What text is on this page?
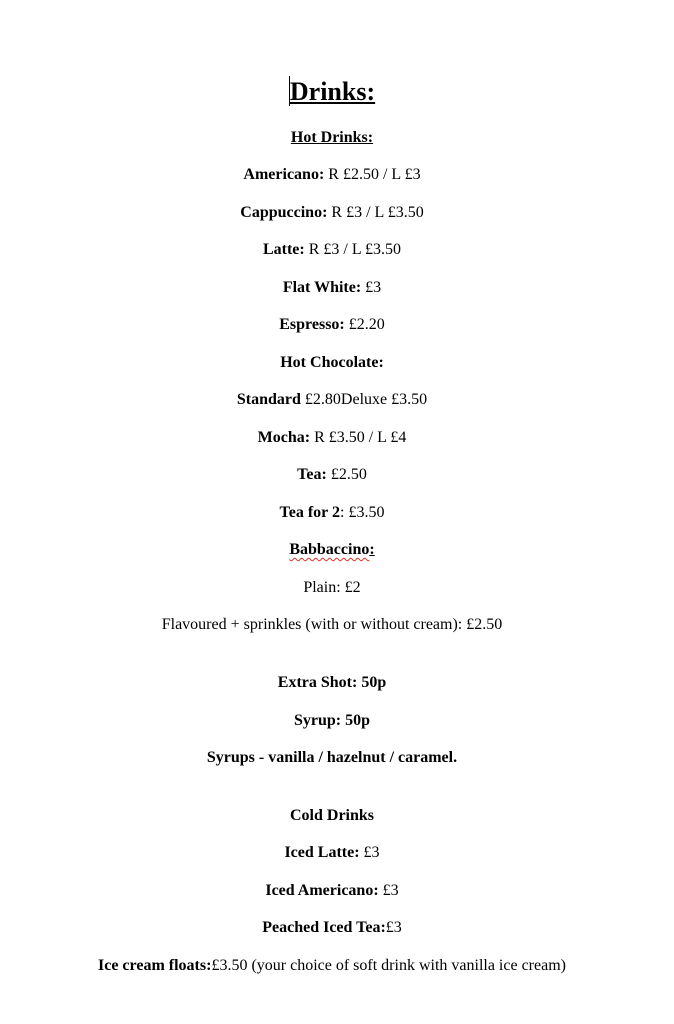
Drinks:
Hot Drinks:
Americano: R £2.50 / L £3
Cappuccino: R £3 / L £3.50
Latte: R £3 / L £3.50
Flat White: £3
Espresso: £2.20
Hot Chocolate:
Standard £2.80Deluxe £3.50
Mocha: R £3.50 / L £4
Tea: £2.50
Tea for 2: £3.50
Babbaccino:
Plain: £2
Flavoured + sprinkles (with or without cream): £2.50
Extra Shot: 50p
Syrup: 50p
Syrups - vanilla / hazelnut / caramel.
Cold Drinks
Iced Latte: £3
Iced Americano: £3
Peached Iced Tea:£3
Ice cream floats:£3.50 (your choice of soft drink with vanilla ice cream)
